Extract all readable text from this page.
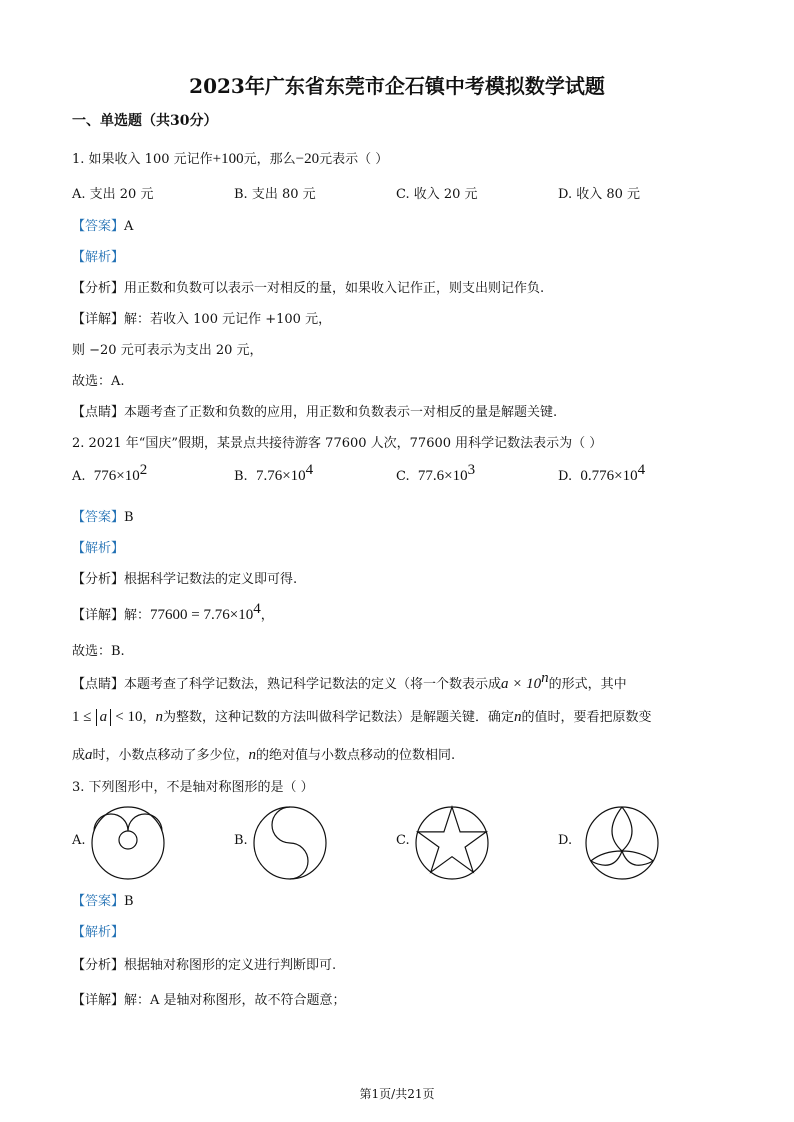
2023年广东省东莞市企石镇中考模拟数学试题
一、单选题（共30分）
1. 如果收入 100 元记作+100元，那么−20元表示（ ）
A. 支出 20 元	B. 支出 80 元	C. 收入 20 元	D. 收入 80 元
【答案】A
【解析】
【分析】用正数和负数可以表示一对相反的量，如果收入记作正，则支出则记作负.
【详解】解：若收入 100 元记作 +100 元，
则 −20 元可表示为支出 20 元，
故选：A.
【点睛】本题考查了正数和负数的应用，用正数和负数表示一对相反的量是解题关键.
2. 2021 年“国庆”假期，某景点共接待游客 77600 人次，77600 用科学记数法表示为（ ）
A. $776\times 10^2$	B. $7.76\times 10^4$	C. $77.6\times 10^3$	D. $0.776\times 10^4$
【答案】B
【解析】
【分析】根据科学记数法的定义即可得.
【详解】解：$77600 = 7.76\times 10^4$，
故选：B.
【点睛】本题考查了科学记数法，熟记科学记数法的定义（将一个数表示成$a \times 10^n$的形式，其中
1 ≤ a < 10，n为整数，这种记数的方法叫做科学记数法）是解题关键．确定n的值时，要看把原数变
成a时，小数点移动了多少位，n的绝对值与小数点移动的位数相同.
3. 下列图形中，不是轴对称图形的是（ ）
A.	B.	C.	D.
【答案】B
【解析】
【分析】根据轴对称图形的定义进行判断即可.
【详解】解：A 是轴对称图形，故不符合题意；
第1页/共21页
